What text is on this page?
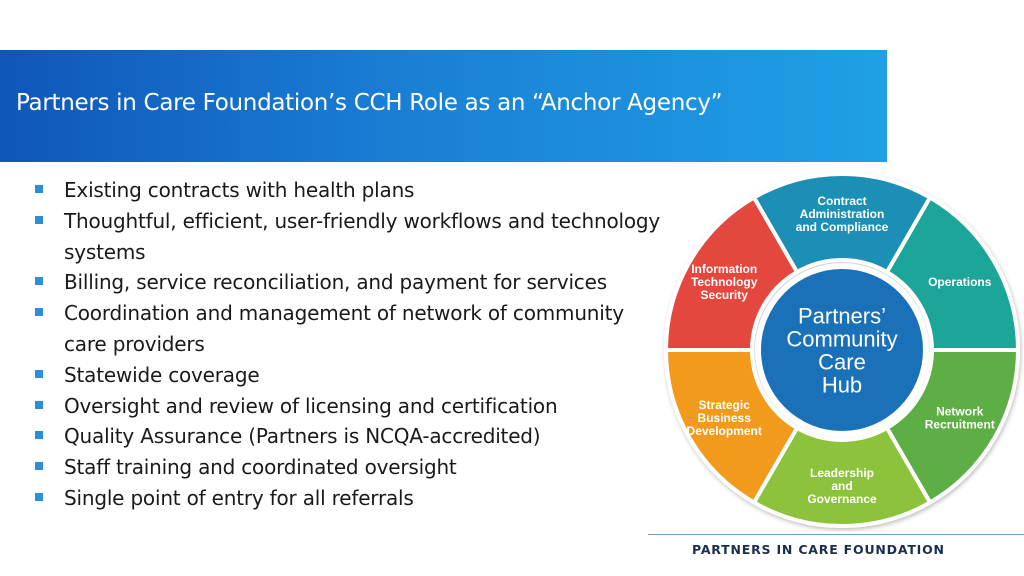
Partners in Care Foundation’s CCH Role as an “Anchor Agency”
Existing contracts with health plans
Thoughtful, efficient, user-friendly workflows and technology systems
Billing, service reconciliation, and payment for services
Coordination and management of network of community care providers
Statewide coverage
Oversight and review of licensing and certification
Quality Assurance (Partners is NCQA-accredited)
Staff training and coordinated oversight
Single point of entry for all referrals
Contract Administration and Compliance
Operations
Network Recruitment
Leadership and Governance
Strategic Business Development
Information Technology Security
Partners’ Community Care Hub
PARTNERS IN CARE FOUNDATION
